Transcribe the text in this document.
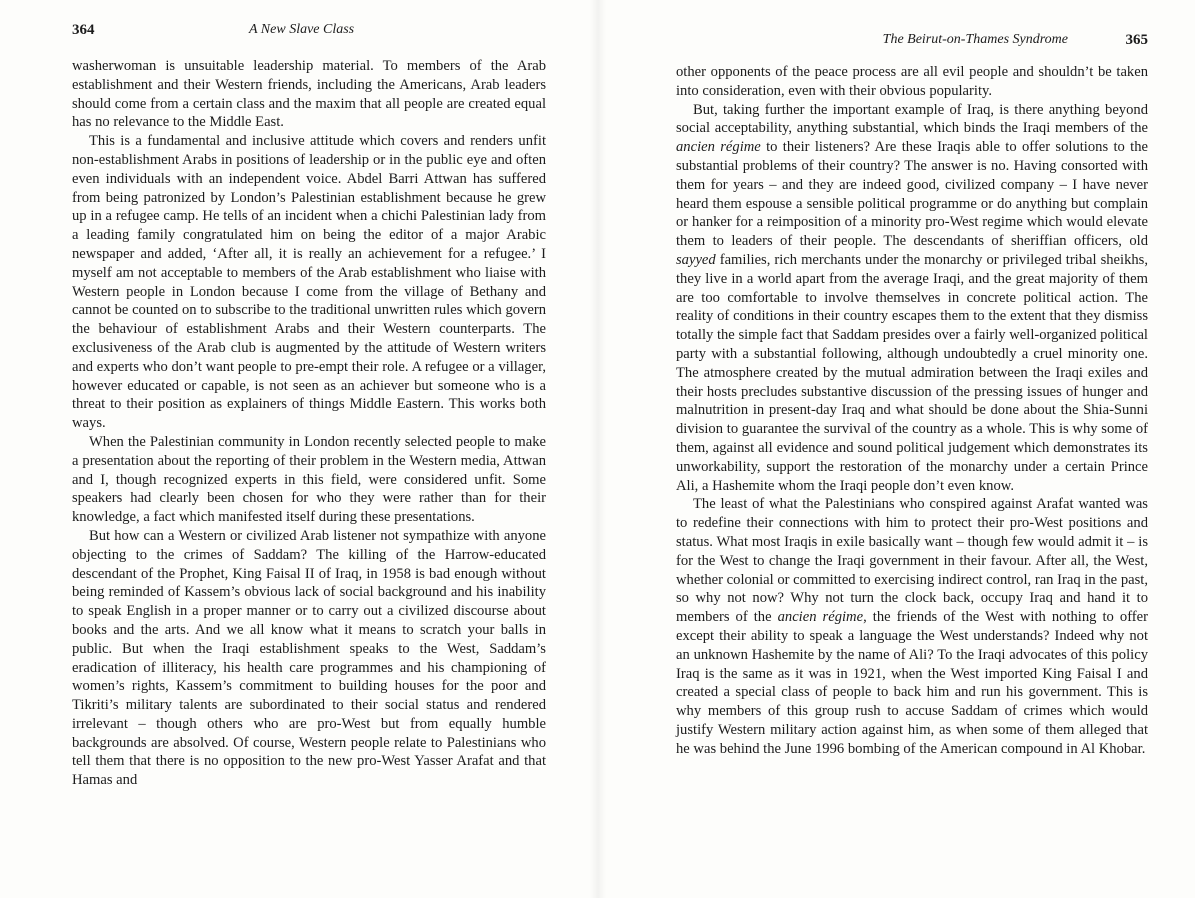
364	A New Slave Class

washerwoman is unsuitable leadership material. To members of the Arab establishment and their Western friends, including the Americans, Arab leaders should come from a certain class and the maxim that all people are created equal has no relevance to the Middle East.

This is a fundamental and inclusive attitude which covers and renders unfit non-establishment Arabs in positions of leadership or in the public eye and often even individuals with an independent voice. Abdel Barri Attwan has suffered from being patronized by London’s Palestinian establishment because he grew up in a refugee camp. He tells of an incident when a chichi Palestinian lady from a leading family congratulated him on being the editor of a major Arabic newspaper and added, ‘After all, it is really an achievement for a refugee.’ I myself am not acceptable to members of the Arab establishment who liaise with Western people in London because I come from the village of Bethany and cannot be counted on to subscribe to the traditional unwritten rules which govern the behaviour of establishment Arabs and their Western counterparts. The exclusiveness of the Arab club is augmented by the attitude of Western writers and experts who don’t want people to pre-empt their role. A refugee or a villager, however educated or capable, is not seen as an achiever but someone who is a threat to their position as explainers of things Middle Eastern. This works both ways.

When the Palestinian community in London recently selected people to make a presentation about the reporting of their problem in the Western media, Attwan and I, though recognized experts in this field, were considered unfit. Some speakers had clearly been chosen for who they were rather than for their knowledge, a fact which manifested itself during these presentations.

But how can a Western or civilized Arab listener not sympathize with anyone objecting to the crimes of Saddam? The killing of the Harrow-educated descendant of the Prophet, King Faisal II of Iraq, in 1958 is bad enough without being reminded of Kassem’s obvious lack of social background and his inability to speak English in a proper manner or to carry out a civilized discourse about books and the arts. And we all know what it means to scratch your balls in public. But when the Iraqi establishment speaks to the West, Saddam’s eradication of illiteracy, his health care programmes and his championing of women’s rights, Kassem’s commitment to building houses for the poor and Tikriti’s military talents are subordinated to their social status and rendered irrelevant – though others who are pro-West but from equally humble backgrounds are absolved. Of course, Western people relate to Palestinians who tell them that there is no opposition to the new pro-West Yasser Arafat and that Hamas and

The Beirut-on-Thames Syndrome	365

other opponents of the peace process are all evil people and shouldn’t be taken into consideration, even with their obvious popularity.

But, taking further the important example of Iraq, is there anything beyond social acceptability, anything substantial, which binds the Iraqi members of the ancien régime to their listeners? Are these Iraqis able to offer solutions to the substantial problems of their country? The answer is no. Having consorted with them for years – and they are indeed good, civilized company – I have never heard them espouse a sensible political programme or do anything but complain or hanker for a reimposition of a minority pro-West regime which would elevate them to leaders of their people. The descendants of sheriffian officers, old sayyed families, rich merchants under the monarchy or privileged tribal sheikhs, they live in a world apart from the average Iraqi, and the great majority of them are too comfortable to involve themselves in concrete political action. The reality of conditions in their country escapes them to the extent that they dismiss totally the simple fact that Saddam presides over a fairly well-organized political party with a substantial following, although undoubtedly a cruel minority one. The atmosphere created by the mutual admiration between the Iraqi exiles and their hosts precludes substantive discussion of the pressing issues of hunger and malnutrition in present-day Iraq and what should be done about the Shia-Sunni division to guarantee the survival of the country as a whole. This is why some of them, against all evidence and sound political judgement which demonstrates its unworkability, support the restoration of the monarchy under a certain Prince Ali, a Hashemite whom the Iraqi people don’t even know.

The least of what the Palestinians who conspired against Arafat wanted was to redefine their connections with him to protect their pro-West positions and status. What most Iraqis in exile basically want – though few would admit it – is for the West to change the Iraqi government in their favour. After all, the West, whether colonial or committed to exercising indirect control, ran Iraq in the past, so why not now? Why not turn the clock back, occupy Iraq and hand it to members of the ancien régime, the friends of the West with nothing to offer except their ability to speak a language the West understands? Indeed why not an unknown Hashemite by the name of Ali? To the Iraqi advocates of this policy Iraq is the same as it was in 1921, when the West imported King Faisal I and created a special class of people to back him and run his government. This is why members of this group rush to accuse Saddam of crimes which would justify Western military action against him, as when some of them alleged that he was behind the June 1996 bombing of the American compound in Al Khobar.
